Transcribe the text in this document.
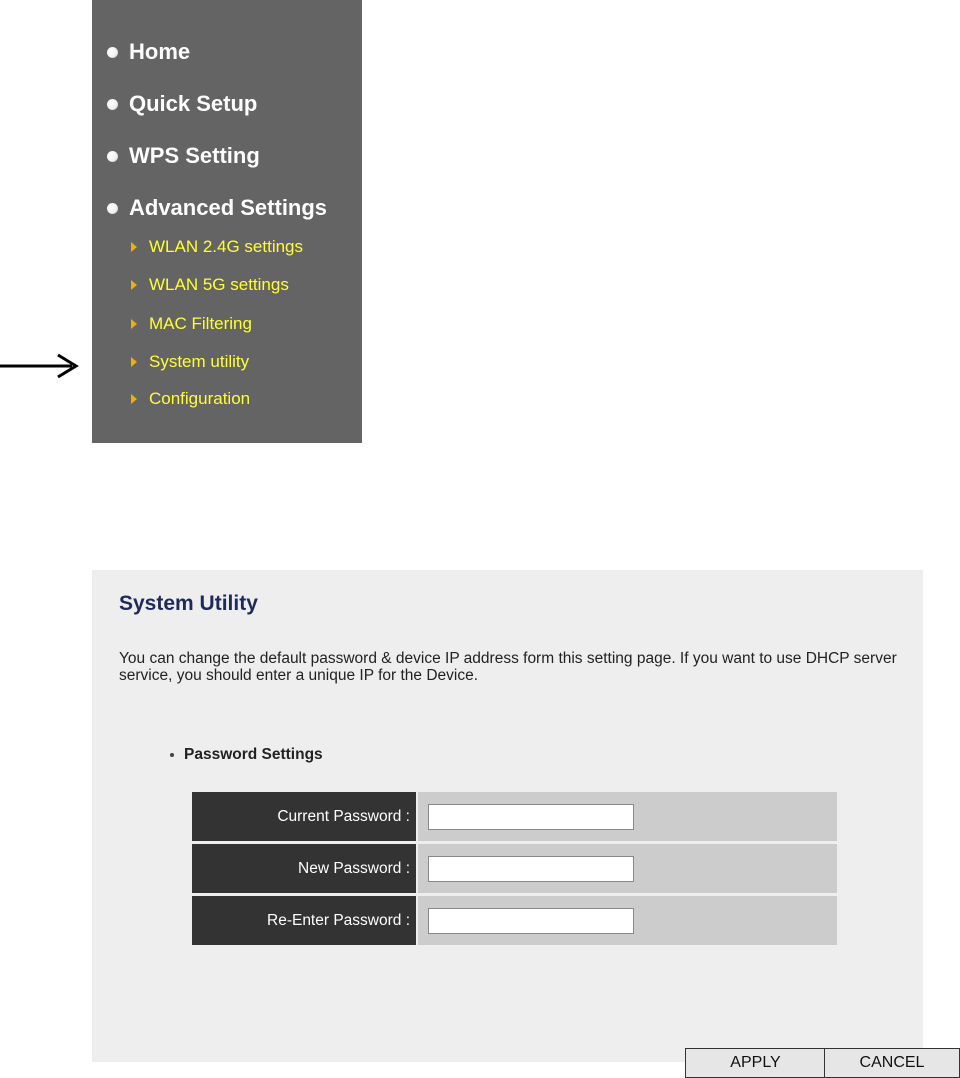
Home
Quick Setup
WPS Setting
Advanced Settings
WLAN 2.4G settings
WLAN 5G settings
MAC Filtering
System utility
Configuration
System Utility

You can change the default password & device IP address form this setting page. If you want to use DHCP server service, you should enter a unique IP for the Device.

Password Settings
Current Password :
New Password :
Re-Enter Password :
APPLY	CANCEL
